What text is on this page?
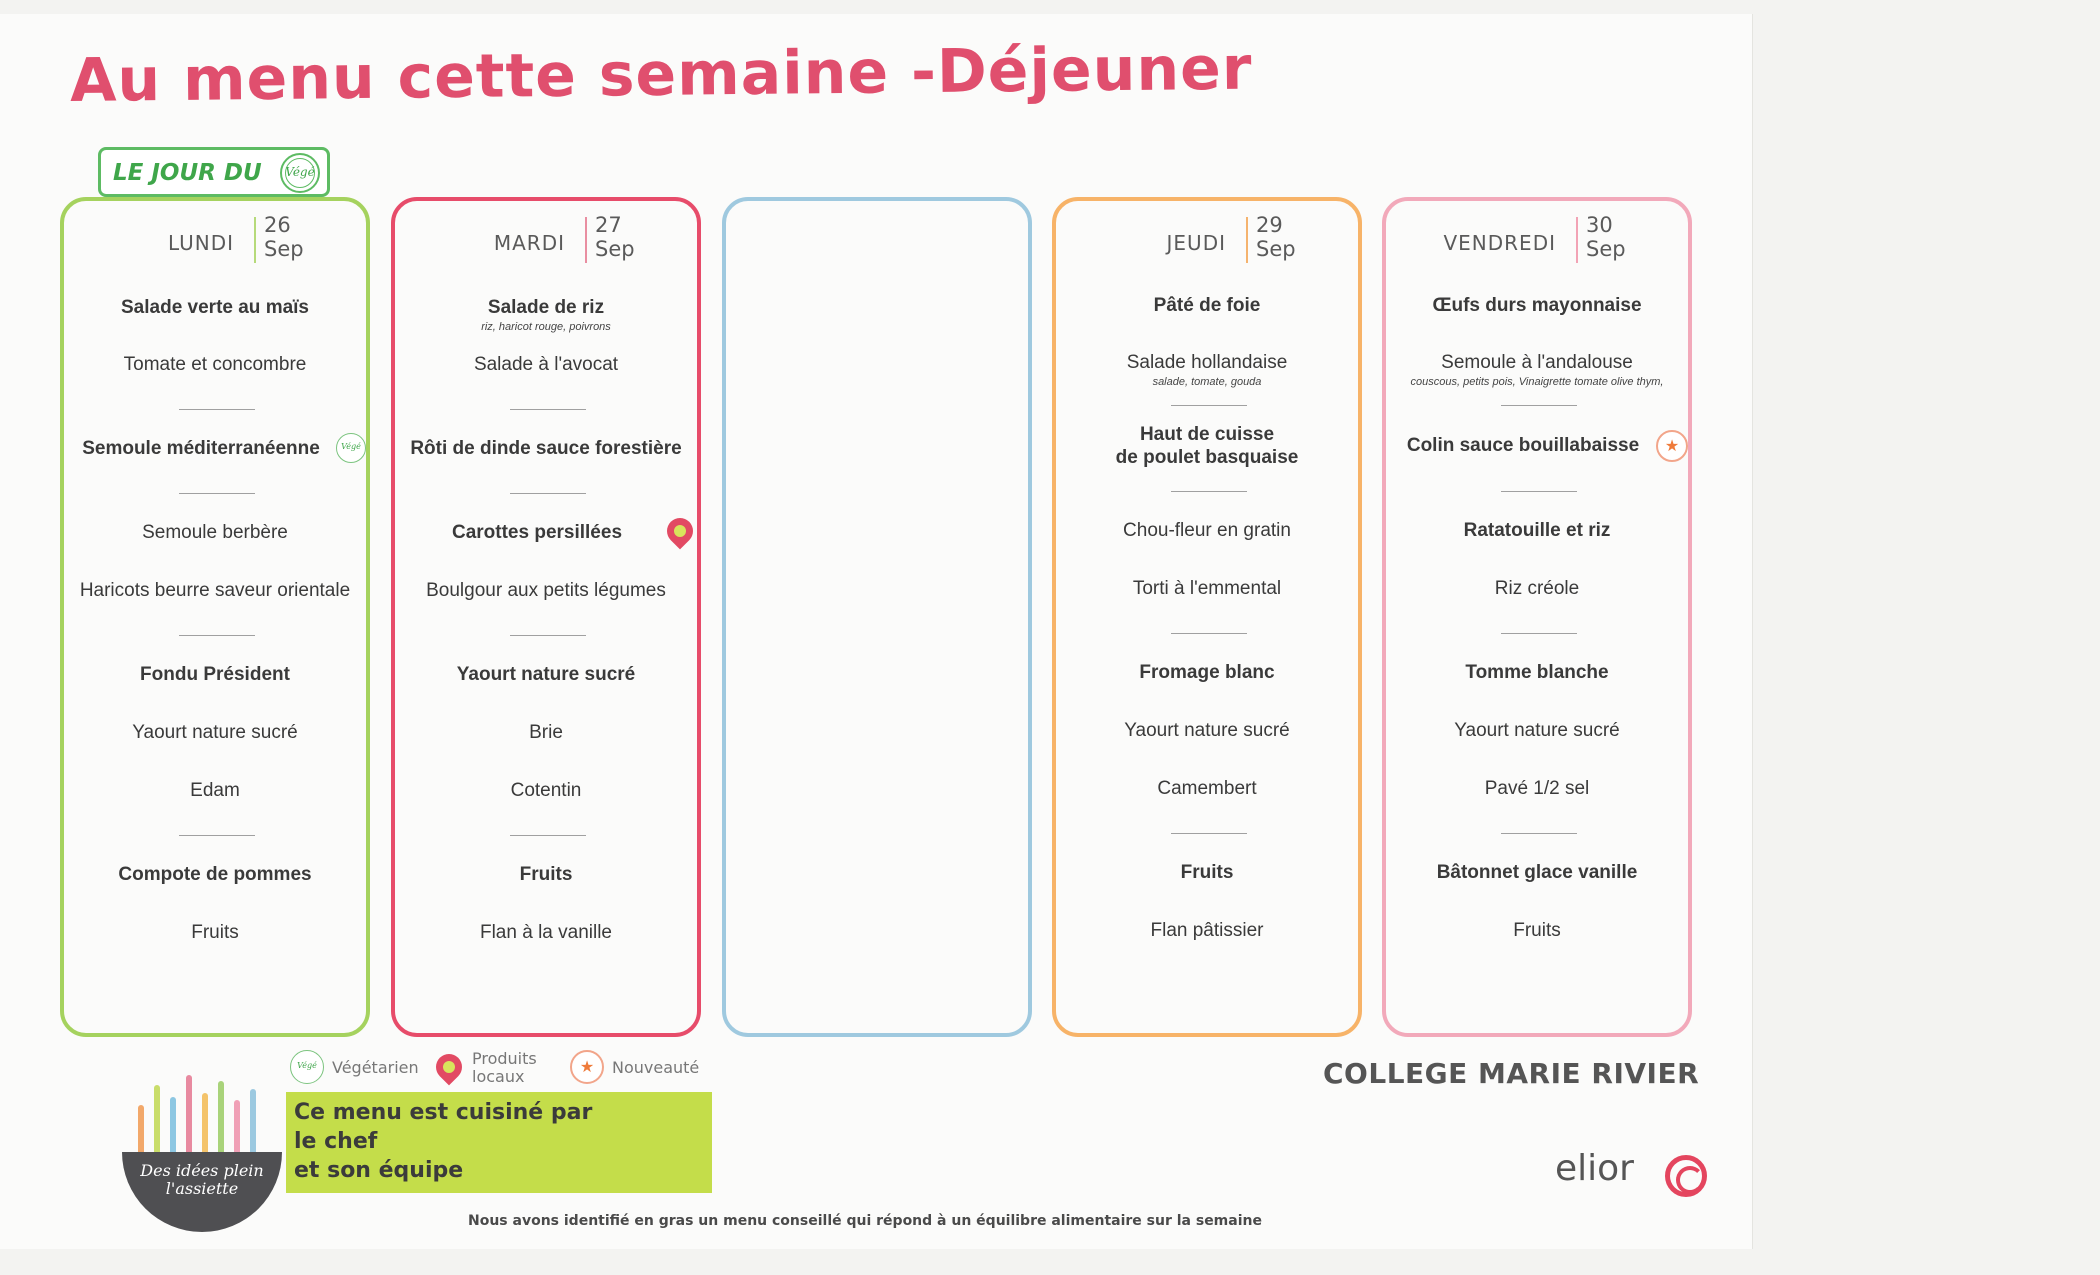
Au menu cette semaine -Déjeuner
LE JOUR DU Végé
LUNDI
26
Sep
Salade verte au maïs
Tomate et concombre
Semoule méditerranéenne	Végé
Semoule berbère
Haricots beurre saveur orientale
Fondu Président
Yaourt nature sucré
Edam
Compote de pommes
Fruits
MARDI
27
Sep
Salade de riz
riz, haricot rouge, poivrons
Salade à l'avocat
Rôti de dinde sauce forestière
Carottes persillées
Boulgour aux petits légumes
Yaourt nature sucré
Brie
Cotentin
Fruits
Flan à la vanille
JEUDI
29
Sep
Pâté de foie
Salade hollandaise
salade, tomate, gouda
Haut de cuisse
de poulet basquaise
Chou-fleur en gratin
Torti à l'emmental
Fromage blanc
Yaourt nature sucré
Camembert
Fruits
Flan pâtissier
VENDREDI
30
Sep
Œufs durs mayonnaise
Semoule à l'andalouse
couscous, petits pois, Vinaigrette tomate olive thym,
Colin sauce bouillabaisse	★
Ratatouille et riz
Riz créole
Tomme blanche
Yaourt nature sucré
Pavé 1/2 sel
Bâtonnet glace vanille
Fruits
Végé Végétarien	Produits
locaux	★	Nouveauté	COLLEGE MARIE RIVIER
elior
Ce menu est cuisiné par
le chef
et son équipe
Des idées plein l'assiette
Nous avons identifié en gras un menu conseillé qui répond à un équilibre alimentaire sur la semaine
